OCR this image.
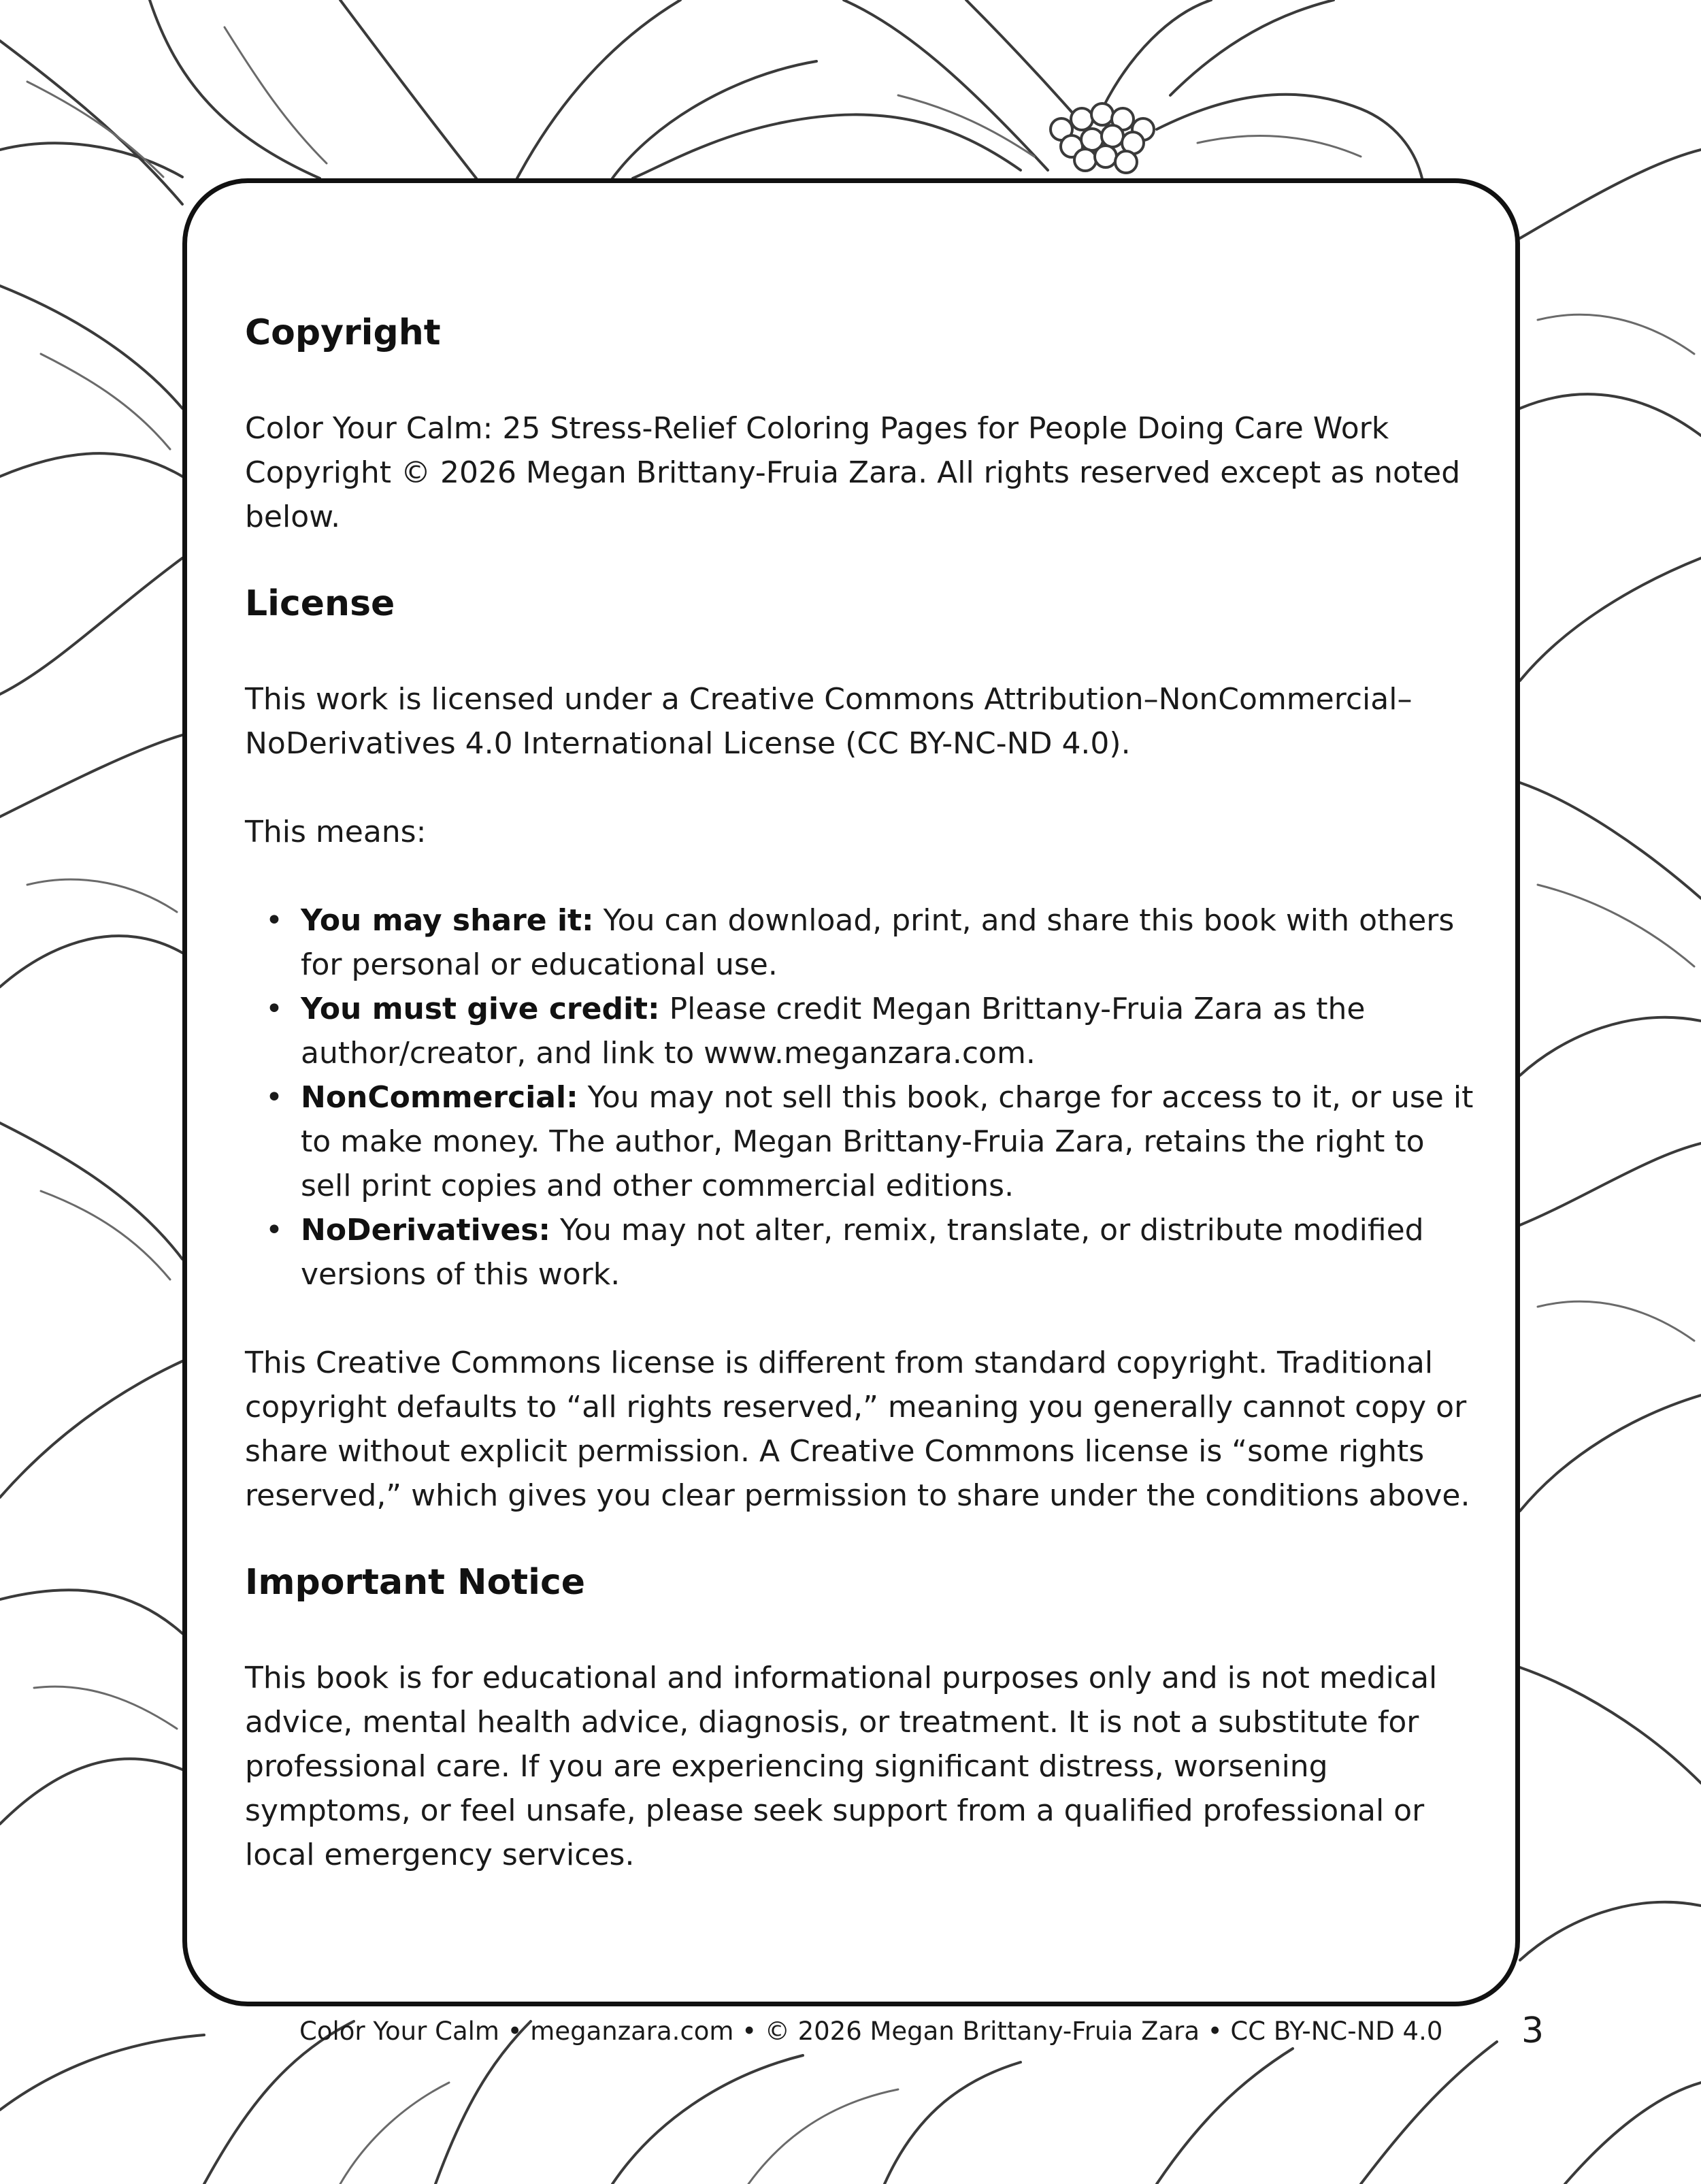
Copyright

Color Your Calm: 25 Stress-Relief Coloring Pages for People Doing Care Work Copyright © 2026 Megan Brittany-Fruia Zara. All rights reserved except as noted below.

License

This work is licensed under a Creative Commons Attribution–NonCommercial–NoDerivatives 4.0 International License (CC BY-NC-ND 4.0).

This means:

• You may share it: You can download, print, and share this book with others for personal or educational use.
• You must give credit: Please credit Megan Brittany-Fruia Zara as the author/creator, and link to www.meganzara.com.
• NonCommercial: You may not sell this book, charge for access to it, or use it to make money. The author, Megan Brittany-Fruia Zara, retains the right to sell print copies and other commercial editions.
• NoDerivatives: You may not alter, remix, translate, or distribute modified versions of this work.

This Creative Commons license is different from standard copyright. Traditional copyright defaults to “all rights reserved,” meaning you generally cannot copy or share without explicit permission. A Creative Commons license is “some rights reserved,” which gives you clear permission to share under the conditions above.

Important Notice

This book is for educational and informational purposes only and is not medical advice, mental health advice, diagnosis, or treatment. It is not a substitute for professional care. If you are experiencing significant distress, worsening symptoms, or feel unsafe, please seek support from a qualified professional or local emergency services.

Color Your Calm • meganzara.com • © 2026 Megan Brittany-Fruia Zara • CC BY-NC-ND 4.0 3
